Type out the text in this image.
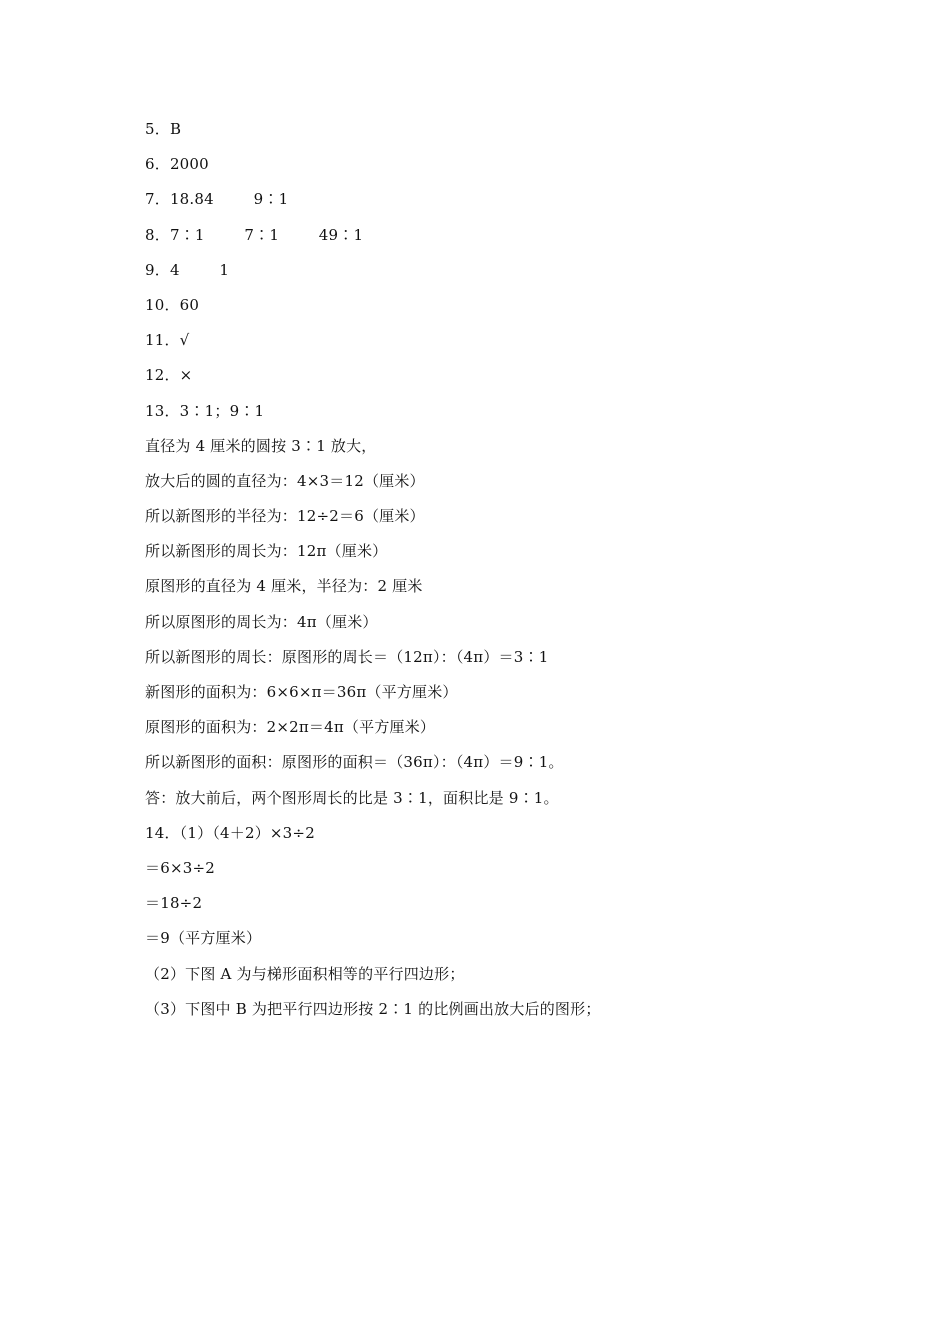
5．B
6．2000
7．18.84        9∶1
8．7∶1        7∶1        49∶1
9．4        1
10．60
11．√
12．×
13．3∶1；9∶1
直径为 4 厘米的圆按 3∶1 放大，
放大后的圆的直径为：4×3＝12（厘米）
所以新图形的半径为：12÷2＝6（厘米）
所以新图形的周长为：12π（厘米）
原图形的直径为 4 厘米，半径为：2 厘米
所以原图形的周长为：4π（厘米）
所以新图形的周长：原图形的周长＝（12π）：（4π）＝3∶1
新图形的面积为：6×6×π＝36π（平方厘米）
原图形的面积为：2×2π＝4π（平方厘米）
所以新图形的面积：原图形的面积＝（36π）：（4π）＝9∶1。
答：放大前后，两个图形周长的比是 3∶1，面积比是 9∶1。
14．（1）（4＋2）×3÷2
＝6×3÷2
＝18÷2
＝9（平方厘米）
（2）下图 A 为与梯形面积相等的平行四边形；
（3）下图中 B 为把平行四边形按 2∶1 的比例画出放大后的图形；
